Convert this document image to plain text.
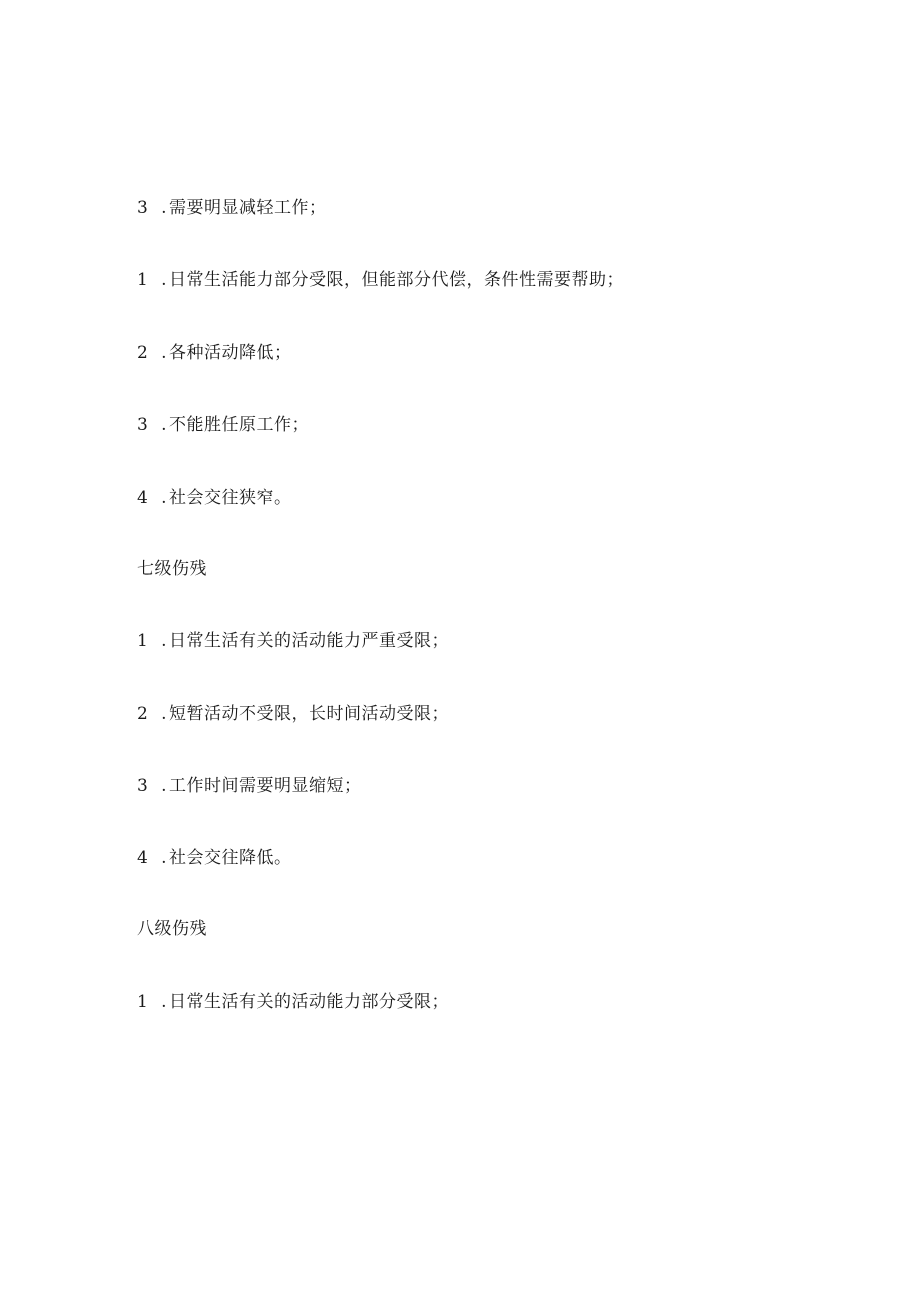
3 . 需要明显减轻工作；
1 . 日常生活能力部分受限，但能部分代偿，条件性需要帮助；
2 . 各种活动降低；
3 . 不能胜任原工作；
4 . 社会交往狭窄。
七级伤残
1 . 日常生活有关的活动能力严重受限；
2 . 短暂活动不受限，长时间活动受限；
3 . 工作时间需要明显缩短；
4 . 社会交往降低。
八级伤残
1 . 日常生活有关的活动能力部分受限；
